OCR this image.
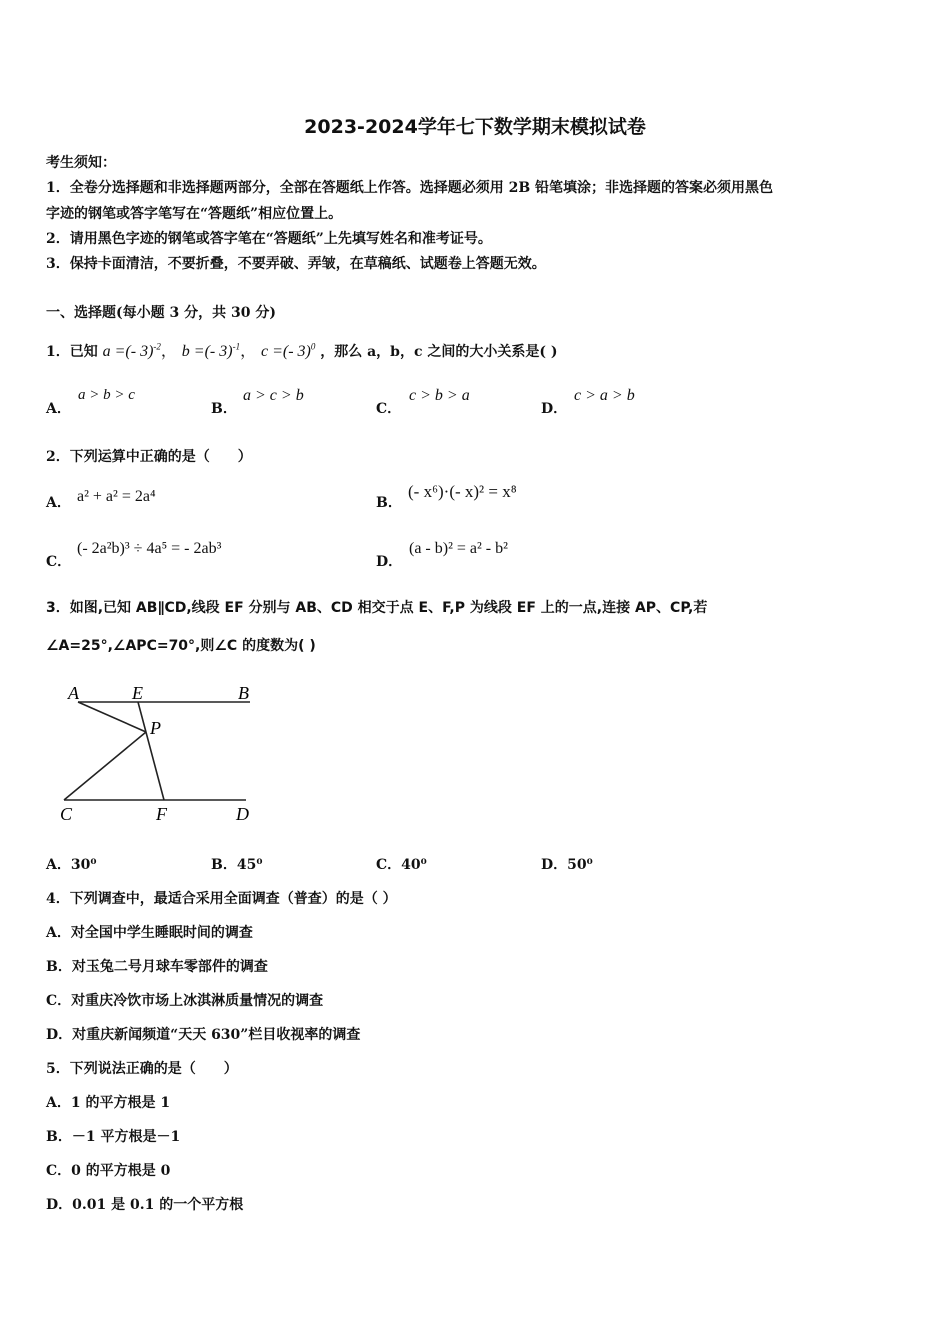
2023-2024学年七下数学期末模拟试卷
考生须知：
1．全卷分选择题和非选择题两部分，全部在答题纸上作答。选择题必须用 2B 铅笔填涂；非选择题的答案必须用黑色
字迹的钢笔或答字笔写在“答题纸”相应位置上。
2．请用黑色字迹的钢笔或答字笔在“答题纸”上先填写姓名和准考证号。
3．保持卡面清洁，不要折叠，不要弄破、弄皱，在草稿纸、试题卷上答题无效。
一、选择题(每小题 3 分，共 30 分)
1．已知 a =(- 3)$^{-2}$， b =(- 3)$^{-1}$， c =(- 3)$^0$ ，那么 a，b，c 之间的大小关系是( )
A．
a > b > c
B．
a > c > b
C．
c > b > a
D．
c > a > b
2．下列运算中正确的是（　　）
A． a² + a² = 2a⁴	B．
(- x⁶)·(- x)² = x⁸
C．
(- 2a²b)³ ÷ 4a⁵ = - 2ab³
D．
(a - b)² = a² - b²
3．如图,已知 AB∥CD,线段 EF 分别与 AB、CD 相交于点 E、F,P 为线段 EF 上的一点,连接 AP、CP,若
∠A=25°,∠APC=70°,则∠C 的度数为( )
A	E	B
P
C	F	D
A．30⁰	B．45⁰	C．40⁰	D．50⁰
4．下列调查中，最适合采用全面调查（普查）的是（ ）
A．对全国中学生睡眠时间的调查
B．对玉兔二号月球车零部件的调查
C．对重庆冷饮市场上冰淇淋质量情况的调查
D．对重庆新闻频道“天天 630”栏目收视率的调查
5．下列说法正确的是（　　）
A．1 的平方根是 1
B．－1 平方根是－1
C．0 的平方根是 0
D．0.01 是 0.1 的一个平方根
